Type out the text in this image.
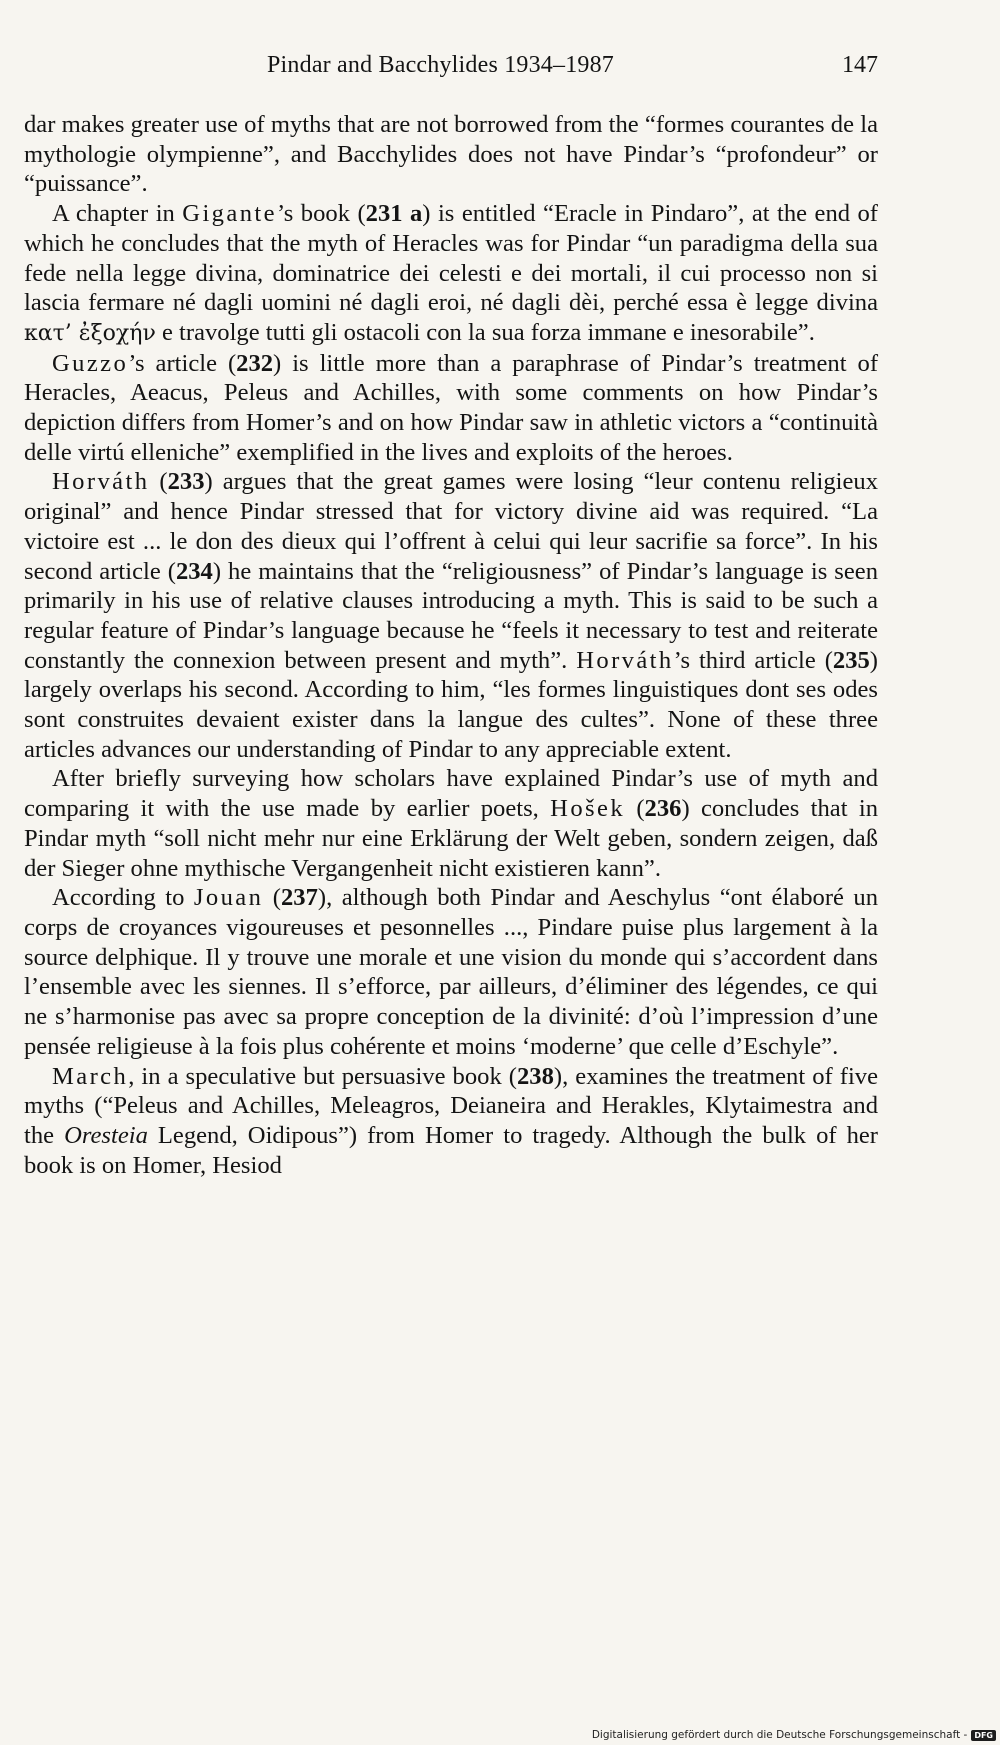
Pindar and Bacchylides 1934–1987	147

dar makes greater use of myths that are not borrowed from the “formes courantes de la mythologie olympienne”, and Bacchylides does not have Pindar’s “profondeur” or “puissance”.

A chapter in Gigante’s book (231 a) is entitled “Eracle in Pindaro”, at the end of which he concludes that the myth of Heracles was for Pindar “un paradigma della sua fede nella legge divina, dominatrice dei celesti e dei mortali, il cui processo non si lascia fermare né dagli uomini né dagli eroi, né dagli dèi, perché essa è legge divina κατ’ ἐξοχήν e travolge tutti gli ostacoli con la sua forza immane e inesorabile”.

Guzzo’s article (232) is little more than a paraphrase of Pindar’s treatment of Heracles, Aeacus, Peleus and Achilles, with some comments on how Pindar’s depiction differs from Homer’s and on how Pindar saw in athletic victors a “continuità delle virtú elleniche” exemplified in the lives and exploits of the heroes.

Horváth (233) argues that the great games were losing “leur contenu religieux original” and hence Pindar stressed that for victory divine aid was required. “La victoire est ... le don des dieux qui l’offrent à celui qui leur sacrifie sa force”. In his second article (234) he maintains that the “religiousness” of Pindar’s language is seen primarily in his use of relative clauses introducing a myth. This is said to be such a regular feature of Pindar’s language because he “feels it necessary to test and reiterate constantly the connexion between present and myth”. Horváth’s third article (235) largely overlaps his second. According to him, “les formes linguistiques dont ses odes sont construites devaient exister dans la langue des cultes”. None of these three articles advances our understanding of Pindar to any appreciable extent.

After briefly surveying how scholars have explained Pindar’s use of myth and comparing it with the use made by earlier poets, Hošek (236) concludes that in Pindar myth “soll nicht mehr nur eine Erklärung der Welt geben, sondern zeigen, daß der Sieger ohne mythische Vergangenheit nicht existieren kann”.

According to Jouan (237), although both Pindar and Aeschylus “ont élaboré un corps de croyances vigoureuses et pesonnelles ..., Pindare puise plus largement à la source delphique. Il y trouve une morale et une vision du monde qui s’accordent dans l’ensemble avec les siennes. Il s’efforce, par ailleurs, d’éliminer des légendes, ce qui ne s’harmonise pas avec sa propre conception de la divinité: d’où l’impression d’une pensée religieuse à la fois plus cohérente et moins ‘moderne’ que celle d’Eschyle”.

March, in a speculative but persuasive book (238), examines the treatment of five myths (“Peleus and Achilles, Meleagros, Deianeira and Herakles, Klytaimestra and the Oresteia Legend, Oidipous”) from Homer to tragedy. Although the bulk of her book is on Homer, Hesiod

Digitalisierung gefördert durch die Deutsche Forschungsgemeinschaft - DFG
